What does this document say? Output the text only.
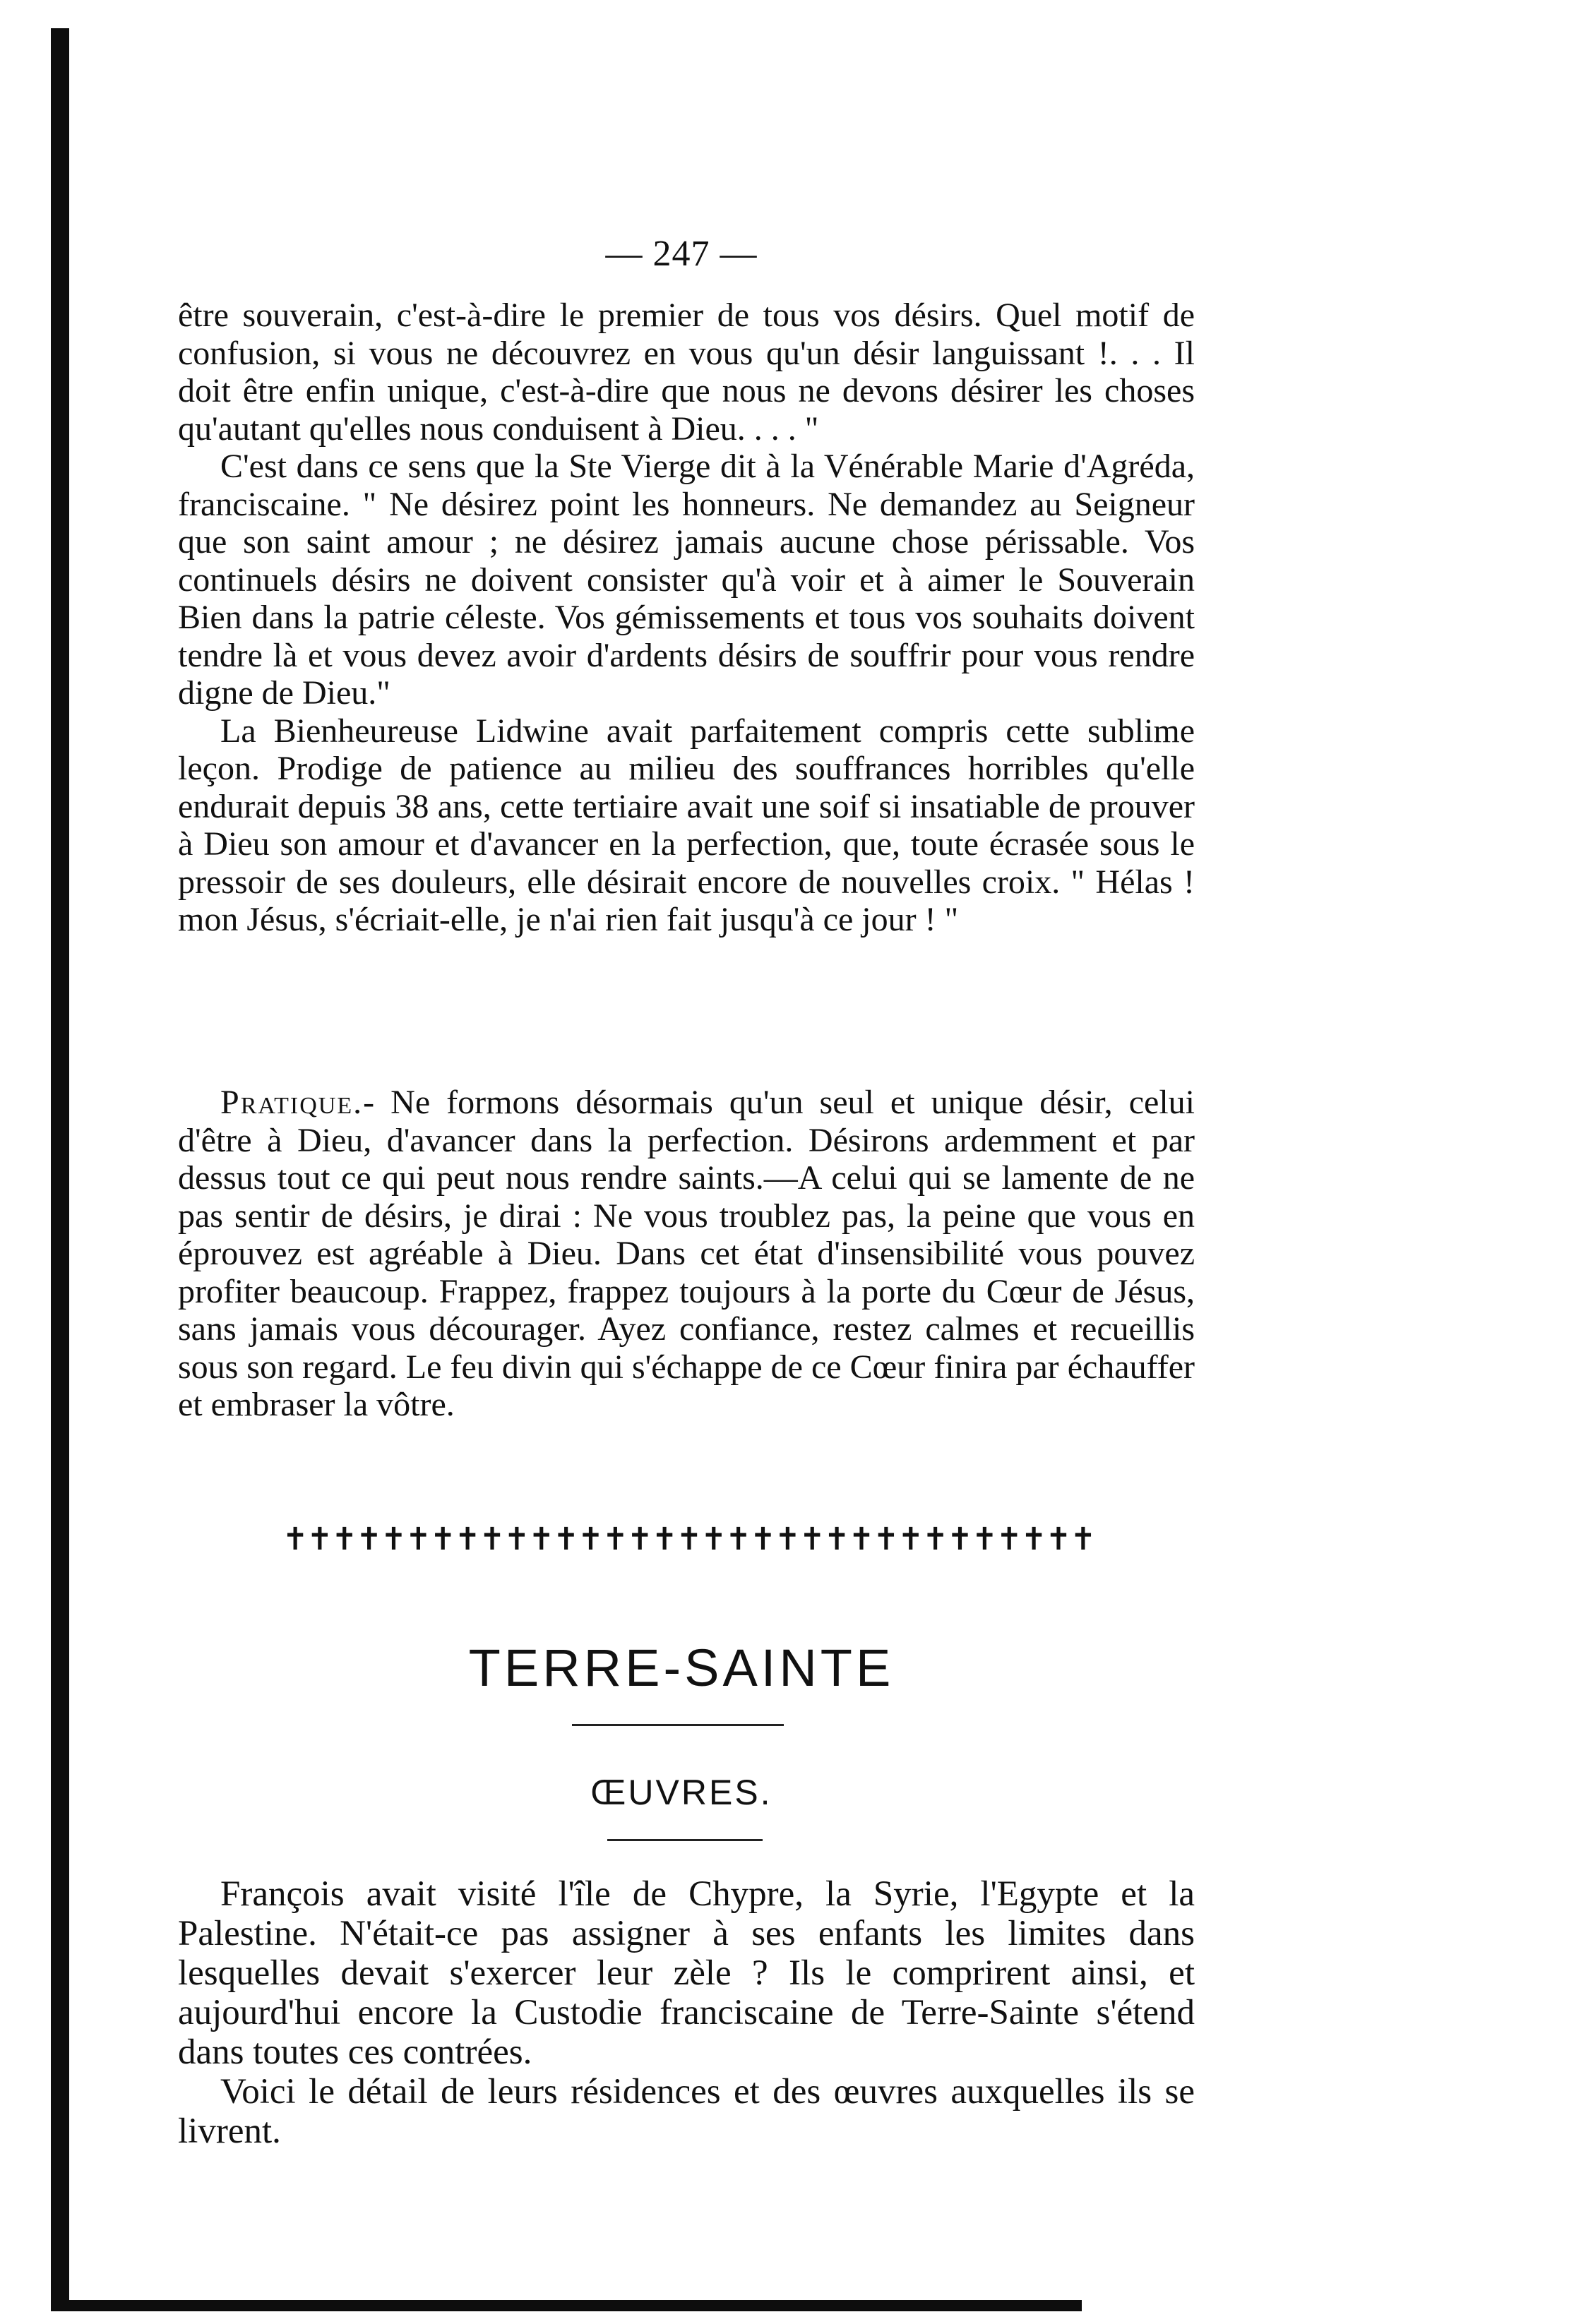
— 247 —

être souverain, c'est-à-dire le premier de tous vos désirs. Quel motif de confusion, si vous ne découvrez en vous qu'un désir languissant !. . . Il doit être enfin unique, c'est-à-dire que nous ne devons désirer les choses qu'autant qu'elles nous conduisent à Dieu. . . . "

C'est dans ce sens que la Ste Vierge dit à la Vénérable Marie d'Agréda, franciscaine. " Ne désirez point les honneurs. Ne demandez au Seigneur que son saint amour ; ne désirez jamais aucune chose périssable. Vos continuels désirs ne doivent consister qu'à voir et à aimer le Souverain Bien dans la patrie céleste. Vos gémissements et tous vos souhaits doivent tendre là et vous devez avoir d'ardents désirs de souffrir pour vous rendre digne de Dieu."

La Bienheureuse Lidwine avait parfaitement compris cette sublime leçon. Prodige de patience au milieu des souffrances horribles qu'elle endurait depuis 38 ans, cette tertiaire avait une soif si insatiable de prouver à Dieu son amour et d'avancer en la perfection, que, toute écrasée sous le pressoir de ses douleurs, elle désirait encore de nouvelles croix. " Hélas ! mon Jésus, s'écriait-elle, je n'ai rien fait jusqu'à ce jour ! "

Pratique.- Ne formons désormais qu'un seul et unique désir, celui d'être à Dieu, d'avancer dans la perfection. Désirons ardemment et par dessus tout ce qui peut nous rendre saints.—A celui qui se lamente de ne pas sentir de désirs, je dirai : Ne vous troublez pas, la peine que vous en éprouvez est agréable à Dieu. Dans cet état d'insensibilité vous pouvez profiter beaucoup. Frappez, frappez toujours à la porte du Cœur de Jésus, sans jamais vous décourager. Ayez confiance, restez calmes et recueillis sous son regard. Le feu divin qui s'échappe de ce Cœur finira par échauffer et embraser la vôtre.

✝✝✝✝✝✝✝✝✝✝✝✝✝✝✝✝✝✝✝✝✝✝✝✝✝✝✝✝✝✝✝✝✝
TERRE-SAINTE
ŒUVRES.

François avait visité l'île de Chypre, la Syrie, l'Egypte et la Palestine. N'était-ce pas assigner à ses enfants les limites dans lesquelles devait s'exercer leur zèle ? Ils le comprirent ainsi, et aujourd'hui encore la Custodie franciscaine de Terre-Sainte s'étend dans toutes ces contrées.

Voici le détail de leurs résidences et des œuvres auxquelles ils se livrent.
